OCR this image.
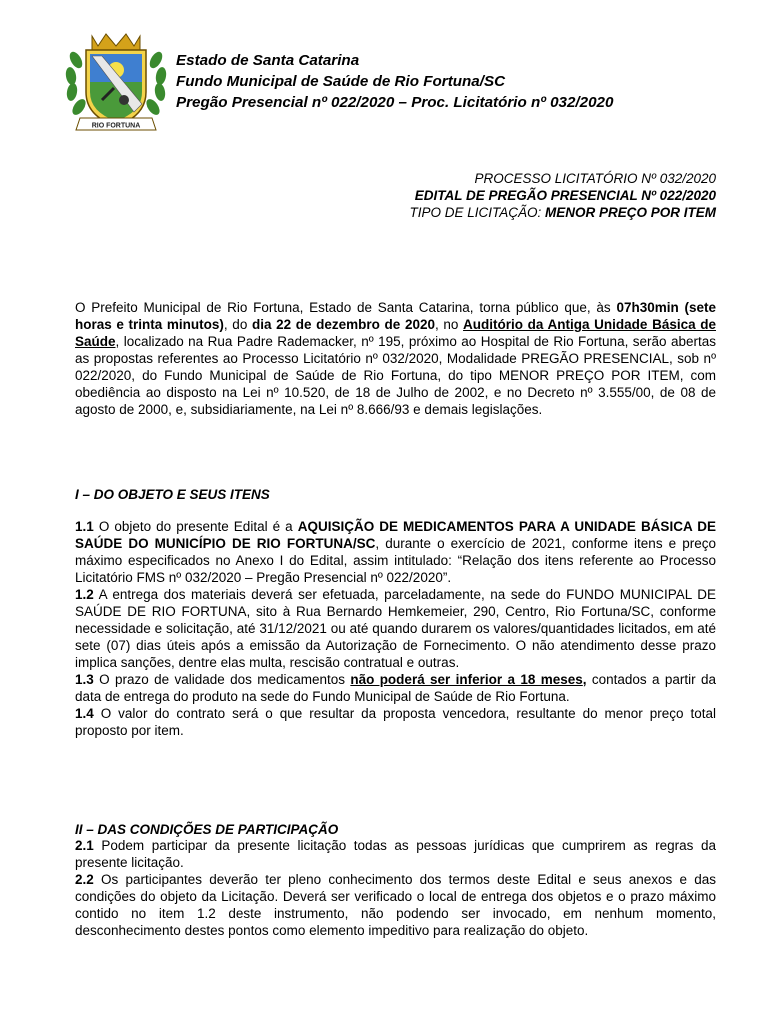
RIO FORTUNA
Estado de Santa Catarina
Fundo Municipal de Saúde de Rio Fortuna/SC
Pregão Presencial nº 022/2020 – Proc. Licitatório nº 032/2020
PROCESSO LICITATÓRIO Nº 032/2020
EDITAL DE PREGÃO PRESENCIAL Nº 022/2020
TIPO DE LICITAÇÃO: MENOR PREÇO POR ITEM

O Prefeito Municipal de Rio Fortuna, Estado de Santa Catarina, torna público que, às 07h30min (sete horas e trinta minutos), do dia 22 de dezembro de 2020, no Auditório da Antiga Unidade Básica de Saúde, localizado na Rua Padre Rademacker, nº 195, próximo ao Hospital de Rio Fortuna, serão abertas as propostas referentes ao Processo Licitatório nº 032/2020, Modalidade PREGÃO PRESENCIAL, sob nº 022/2020, do Fundo Municipal de Saúde de Rio Fortuna, do tipo MENOR PREÇO POR ITEM, com obediência ao disposto na Lei nº 10.520, de 18 de Julho de 2002, e no Decreto nº 3.555/00, de 08 de agosto de 2000, e, subsidiariamente, na Lei nº 8.666/93 e demais legislações.

I – DO OBJETO E SEUS ITENS

1.1 O objeto do presente Edital é a AQUISIÇÃO DE MEDICAMENTOS PARA A UNIDADE BÁSICA DE SAÚDE DO MUNICÍPIO DE RIO FORTUNA/SC, durante o exercício de 2021, conforme itens e preço máximo especificados no Anexo I do Edital, assim intitulado: “Relação dos itens referente ao Processo Licitatório FMS nº 032/2020 – Pregão Presencial nº 022/2020”.

1.2 A entrega dos materiais deverá ser efetuada, parceladamente, na sede do FUNDO MUNICIPAL DE SAÚDE DE RIO FORTUNA, sito à Rua Bernardo Hemkemeier, 290, Centro, Rio Fortuna/SC, conforme necessidade e solicitação, até 31/12/2021 ou até quando durarem os valores/quantidades licitados, em até sete (07) dias úteis após a emissão da Autorização de Fornecimento. O não atendimento desse prazo implica sanções, dentre elas multa, rescisão contratual e outras.

1.3 O prazo de validade dos medicamentos não poderá ser inferior a 18 meses, contados a partir da data de entrega do produto na sede do Fundo Municipal de Saúde de Rio Fortuna.

1.4 O valor do contrato será o que resultar da proposta vencedora, resultante do menor preço total proposto por item.

II – DAS CONDIÇÕES DE PARTICIPAÇÃO

2.1 Podem participar da presente licitação todas as pessoas jurídicas que cumprirem as regras da presente licitação.

2.2 Os participantes deverão ter pleno conhecimento dos termos deste Edital e seus anexos e das condições do objeto da Licitação. Deverá ser verificado o local de entrega dos objetos e o prazo máximo contido no item 1.2 deste instrumento, não podendo ser invocado, em nenhum momento, desconhecimento destes pontos como elemento impeditivo para realização do objeto.
